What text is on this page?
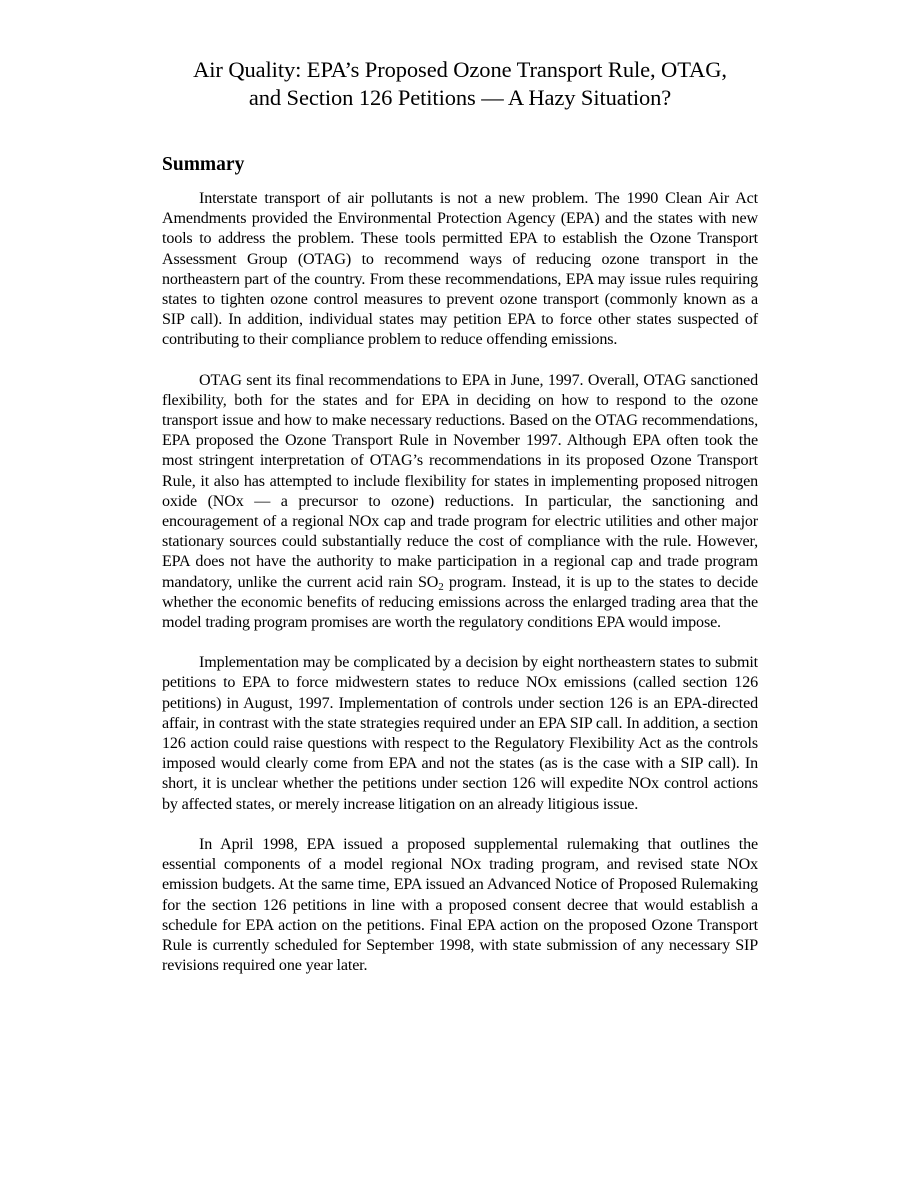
Air Quality: EPA’s Proposed Ozone Transport Rule, OTAG,
and Section 126 Petitions — A Hazy Situation?
Summary

Interstate transport of air pollutants is not a new problem. The 1990 Clean Air Act Amendments provided the Environmental Protection Agency (EPA) and the states with new tools to address the problem. These tools permitted EPA to establish the Ozone Transport Assessment Group (OTAG) to recommend ways of reducing ozone transport in the northeastern part of the country. From these recommendations, EPA may issue rules requiring states to tighten ozone control measures to prevent ozone transport (commonly known as a SIP call). In addition, individual states may petition EPA to force other states suspected of contributing to their compliance problem to reduce offending emissions.

OTAG sent its final recommendations to EPA in June, 1997. Overall, OTAG sanctioned flexibility, both for the states and for EPA in deciding on how to respond to the ozone transport issue and how to make necessary reductions. Based on the OTAG recommendations, EPA proposed the Ozone Transport Rule in November 1997. Although EPA often took the most stringent interpretation of OTAG’s recommendations in its proposed Ozone Transport Rule, it also has attempted to include flexibility for states in implementing proposed nitrogen oxide (NOx — a precursor to ozone) reductions. In particular, the sanctioning and encouragement of a regional NOx cap and trade program for electric utilities and other major stationary sources could substantially reduce the cost of compliance with the rule. However, EPA does not have the authority to make participation in a regional cap and trade program mandatory, unlike the current acid rain $SO_2$ program. Instead, it is up to the states to decide whether the economic benefits of reducing emissions across the enlarged trading area that the model trading program promises are worth the regulatory conditions EPA would impose.

Implementation may be complicated by a decision by eight northeastern states to submit petitions to EPA to force midwestern states to reduce NOx emissions (called section 126 petitions) in August, 1997. Implementation of controls under section 126 is an EPA-directed affair, in contrast with the state strategies required under an EPA SIP call. In addition, a section 126 action could raise questions with respect to the Regulatory Flexibility Act as the controls imposed would clearly come from EPA and not the states (as is the case with a SIP call). In short, it is unclear whether the petitions under section 126 will expedite NOx control actions by affected states, or merely increase litigation on an already litigious issue.

In April 1998, EPA issued a proposed supplemental rulemaking that outlines the essential components of a model regional NOx trading program, and revised state NOx emission budgets. At the same time, EPA issued an Advanced Notice of Proposed Rulemaking for the section 126 petitions in line with a proposed consent decree that would establish a schedule for EPA action on the petitions. Final EPA action on the proposed Ozone Transport Rule is currently scheduled for September 1998, with state submission of any necessary SIP revisions required one year later.
